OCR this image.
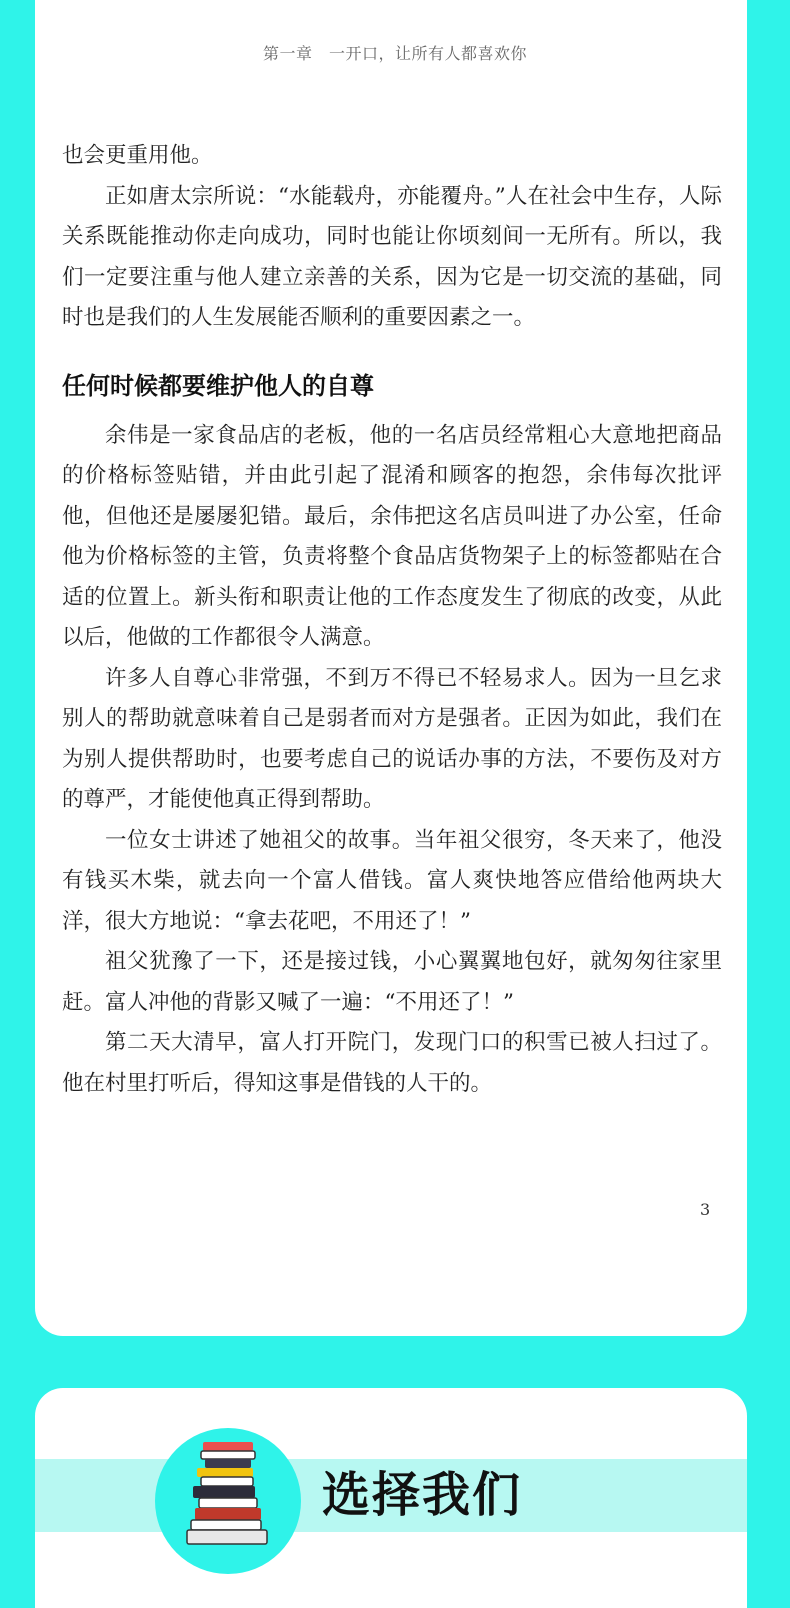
第一章　一开口，让所有人都喜欢你

也会更重用他。

正如唐太宗所说：“水能载舟，亦能覆舟。”人在社会中生存，人际关系既能推动你走向成功，同时也能让你顷刻间一无所有。所以，我们一定要注重与他人建立亲善的关系，因为它是一切交流的基础，同时也是我们的人生发展能否顺利的重要因素之一。

任何时候都要维护他人的自尊

余伟是一家食品店的老板，他的一名店员经常粗心大意地把商品的价格标签贴错，并由此引起了混淆和顾客的抱怨，余伟每次批评他，但他还是屡屡犯错。最后，余伟把这名店员叫进了办公室，任命他为价格标签的主管，负责将整个食品店货物架子上的标签都贴在合适的位置上。新头衔和职责让他的工作态度发生了彻底的改变，从此以后，他做的工作都很令人满意。

许多人自尊心非常强，不到万不得已不轻易求人。因为一旦乞求别人的帮助就意味着自己是弱者而对方是强者。正因为如此，我们在为别人提供帮助时，也要考虑自己的说话办事的方法，不要伤及对方的尊严，才能使他真正得到帮助。

一位女士讲述了她祖父的故事。当年祖父很穷，冬天来了，他没有钱买木柴，就去向一个富人借钱。富人爽快地答应借给他两块大洋，很大方地说：“拿去花吧，不用还了！”

祖父犹豫了一下，还是接过钱，小心翼翼地包好，就匆匆往家里赶。富人冲他的背影又喊了一遍：“不用还了！”

第二天大清早，富人打开院门，发现门口的积雪已被人扫过了。他在村里打听后，得知这事是借钱的人干的。

3
选择我们
